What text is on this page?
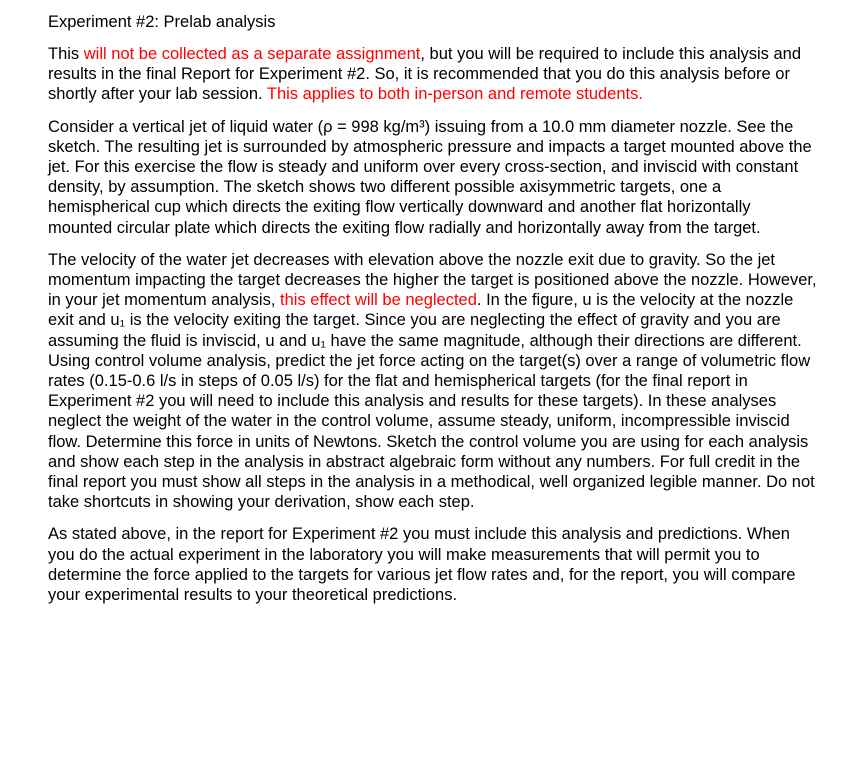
Experiment #2: Prelab analysis

This will not be collected as a separate assignment, but you will be required to include this analysis and results in the final Report for Experiment #2. So, it is recommended that you do this analysis before or shortly after your lab session. This applies to both in-person and remote students.

Consider a vertical jet of liquid water (ρ = 998 kg/m³) issuing from a 10.0 mm diameter nozzle. See the sketch. The resulting jet is surrounded by atmospheric pressure and impacts a target mounted above the jet. For this exercise the flow is steady and uniform over every cross-section, and inviscid with constant density, by assumption. The sketch shows two different possible axisymmetric targets, one a hemispherical cup which directs the exiting flow vertically downward and another flat horizontally mounted circular plate which directs the exiting flow radially and horizontally away from the target.

The velocity of the water jet decreases with elevation above the nozzle exit due to gravity. So the jet momentum impacting the target decreases the higher the target is positioned above the nozzle. However, in your jet momentum analysis, this effect will be neglected. In the figure, u is the velocity at the nozzle exit and u₁ is the velocity exiting the target. Since you are neglecting the effect of gravity and you are assuming the fluid is inviscid, u and u₁ have the same magnitude, although their directions are different. Using control volume analysis, predict the jet force acting on the target(s) over a range of volumetric flow rates (0.15-0.6 l/s in steps of 0.05 l/s) for the flat and hemispherical targets (for the final report in Experiment #2 you will need to include this analysis and results for these targets). In these analyses neglect the weight of the water in the control volume, assume steady, uniform, incompressible inviscid flow. Determine this force in units of Newtons. Sketch the control volume you are using for each analysis and show each step in the analysis in abstract algebraic form without any numbers. For full credit in the final report you must show all steps in the analysis in a methodical, well organized legible manner. Do not take shortcuts in showing your derivation, show each step.

As stated above, in the report for Experiment #2 you must include this analysis and predictions. When you do the actual experiment in the laboratory you will make measurements that will permit you to determine the force applied to the targets for various jet flow rates and, for the report, you will compare your experimental results to your theoretical predictions.
